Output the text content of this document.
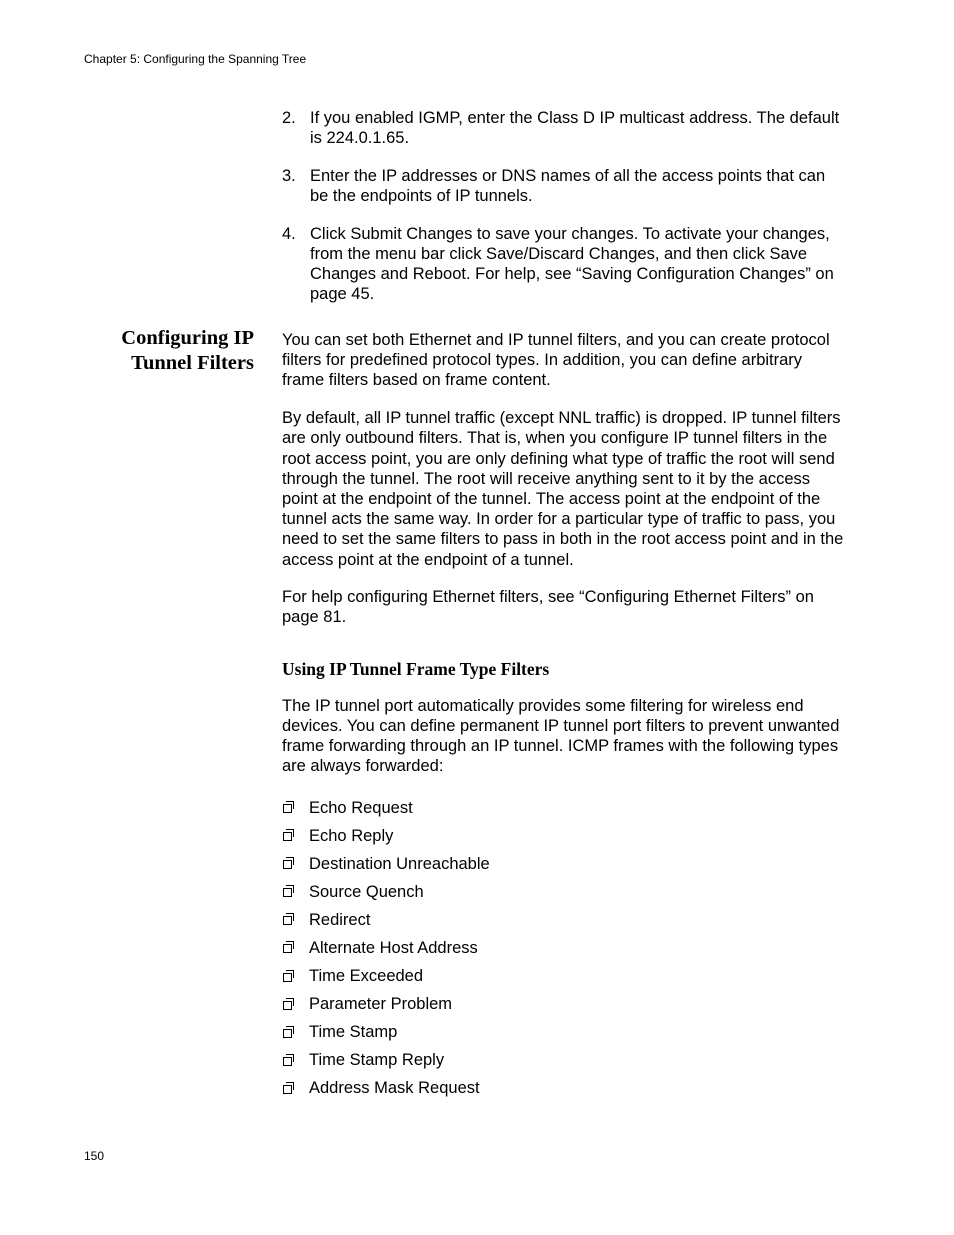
Chapter 5: Configuring the Spanning Tree
2. If you enabled IGMP, enter the Class D IP multicast address. The default is 224.0.1.65.
3. Enter the IP addresses or DNS names of all the access points that can be the endpoints of IP tunnels.
4. Click Submit Changes to save your changes. To activate your changes, from the menu bar click Save/Discard Changes, and then click Save Changes and Reboot. For help, see “Saving Configuration Changes” on page 45.
Configuring IP
Tunnel Filters

You can set both Ethernet and IP tunnel filters, and you can create protocol filters for predefined protocol types. In addition, you can define arbitrary frame filters based on frame content.

By default, all IP tunnel traffic (except NNL traffic) is dropped. IP tunnel filters are only outbound filters. That is, when you configure IP tunnel filters in the root access point, you are only defining what type of traffic the root will send through the tunnel. The root will receive anything sent to it by the access point at the endpoint of the tunnel. The access point at the endpoint of the tunnel acts the same way. In order for a particular type of traffic to pass, you need to set the same filters to pass in both in the root access point and in the access point at the endpoint of a tunnel.

For help configuring Ethernet filters, see “Configuring Ethernet Filters” on page 81.

Using IP Tunnel Frame Type Filters

The IP tunnel port automatically provides some filtering for wireless end devices. You can define permanent IP tunnel port filters to prevent unwanted frame forwarding through an IP tunnel. ICMP frames with the following types are always forwarded:

Echo Request
Echo Reply
Destination Unreachable
Source Quench
Redirect
Alternate Host Address
Time Exceeded
Parameter Problem
Time Stamp
Time Stamp Reply
Address Mask Request
150
